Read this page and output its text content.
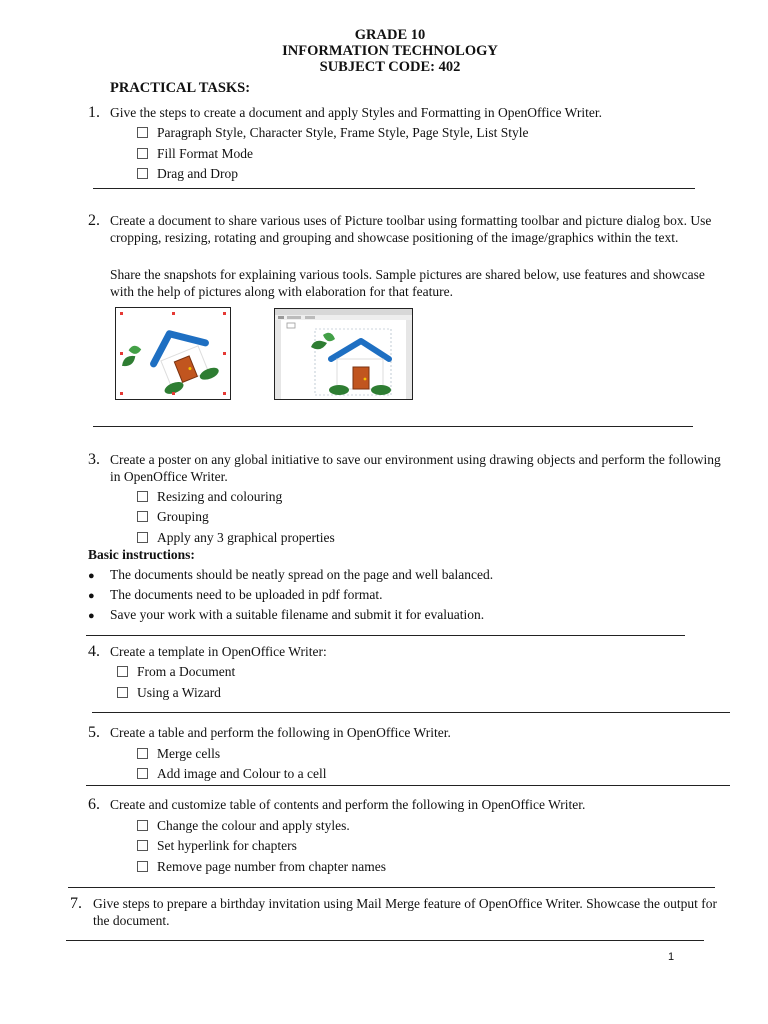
GRADE 10
INFORMATION TECHNOLOGY
SUBJECT CODE: 402
PRACTICAL TASKS:
1. Give the steps to create a document and apply Styles and Formatting in OpenOffice Writer.
Paragraph Style, Character Style, Frame Style, Page Style, List Style
Fill Format Mode
Drag and Drop
2. Create a document to share various uses of Picture toolbar using formatting toolbar and picture dialog box. Use cropping, resizing, rotating and grouping and showcase positioning of the image/graphics within the text.
Share the snapshots for explaining various tools. Sample pictures are shared below, use features and showcase with the help of pictures along with elaboration for that feature.
3. Create a poster on any global initiative to save our environment using drawing objects and perform the following in OpenOffice Writer.
Resizing and colouring
Grouping
Apply any 3 graphical properties
Basic instructions:
● The documents should be neatly spread on the page and well balanced.
● The documents need to be uploaded in pdf format.
● Save your work with a suitable filename and submit it for evaluation.
4. Create a template in OpenOffice Writer:
From a Document
Using a Wizard
5. Create a table and perform the following in OpenOffice Writer.
Merge cells
Add image and Colour to a cell
6. Create and customize table of contents and perform the following in OpenOffice Writer.
Change the colour and apply styles.
Set hyperlink for chapters
Remove page number from chapter names
7. Give steps to prepare a birthday invitation using Mail Merge feature of OpenOffice Writer. Showcase the output for the document.
1
